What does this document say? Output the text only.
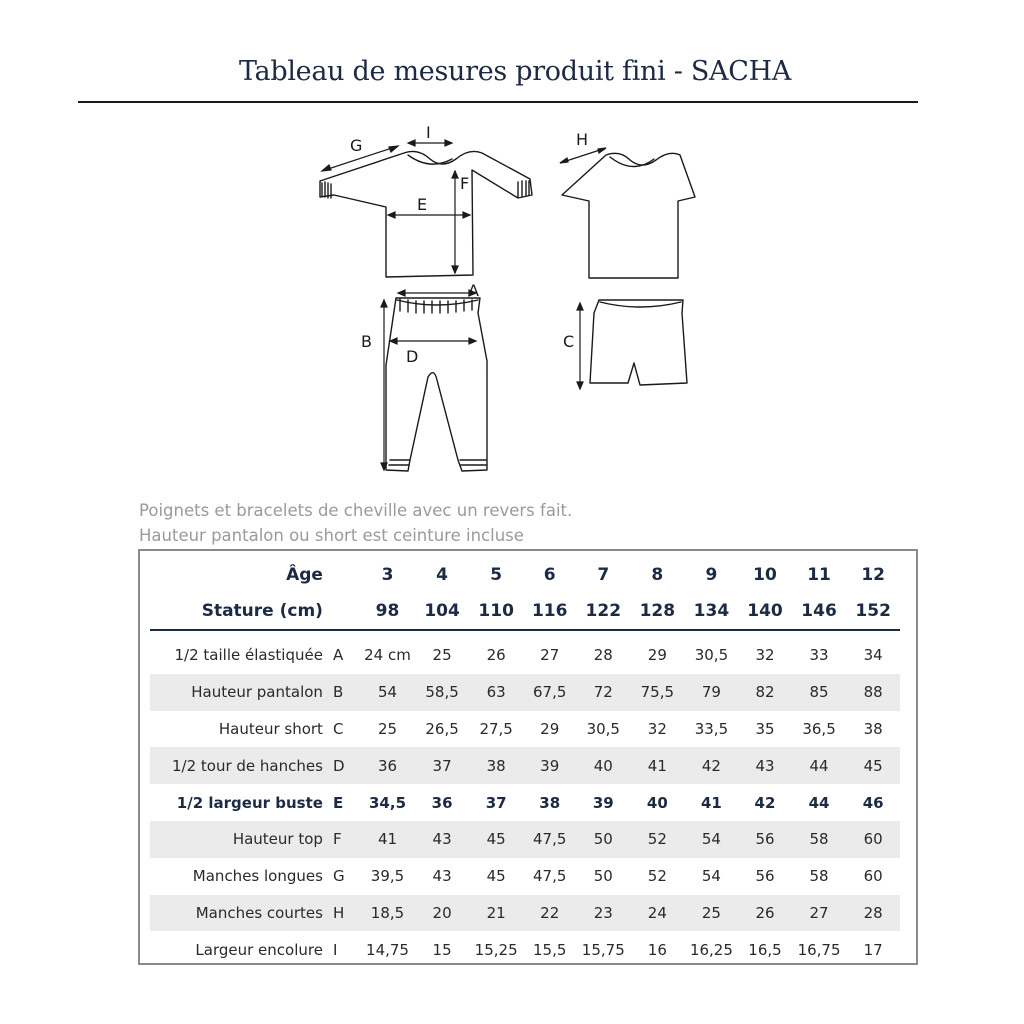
Tableau de mesures produit fini - SACHA
G
I	H
F
E
A
B
D
C
Poignets et bracelets de cheville avec un revers fait.
Hauteur pantalon ou short est ceinture incluse
Âge		3	4	5	6	7	8	9	10	11	12
Stature (cm)		98	104	110	116	122	128	134	140	146	152

1/2 taille élastiquée	A	24 cm	25	26	27	28	29	30,5	32	33	34
Hauteur pantalon	B	54	58,5	63	67,5	72	75,5	79	82	85	88
Hauteur short	C	25	26,5	27,5	29	30,5	32	33,5	35	36,5	38
1/2 tour de hanches	D	36	37	38	39	40	41	42	43	44	45
1/2 largeur buste	E	34,5	36	37	38	39	40	41	42	44	46
Hauteur top	F	41	43	45	47,5	50	52	54	56	58	60
Manches longues	G	39,5	43	45	47,5	50	52	54	56	58	60
Manches courtes	H	18,5	20	21	22	23	24	25	26	27	28
Largeur encolure	I	14,75	15	15,25	15,5	15,75	16	16,25	16,5	16,75	17
